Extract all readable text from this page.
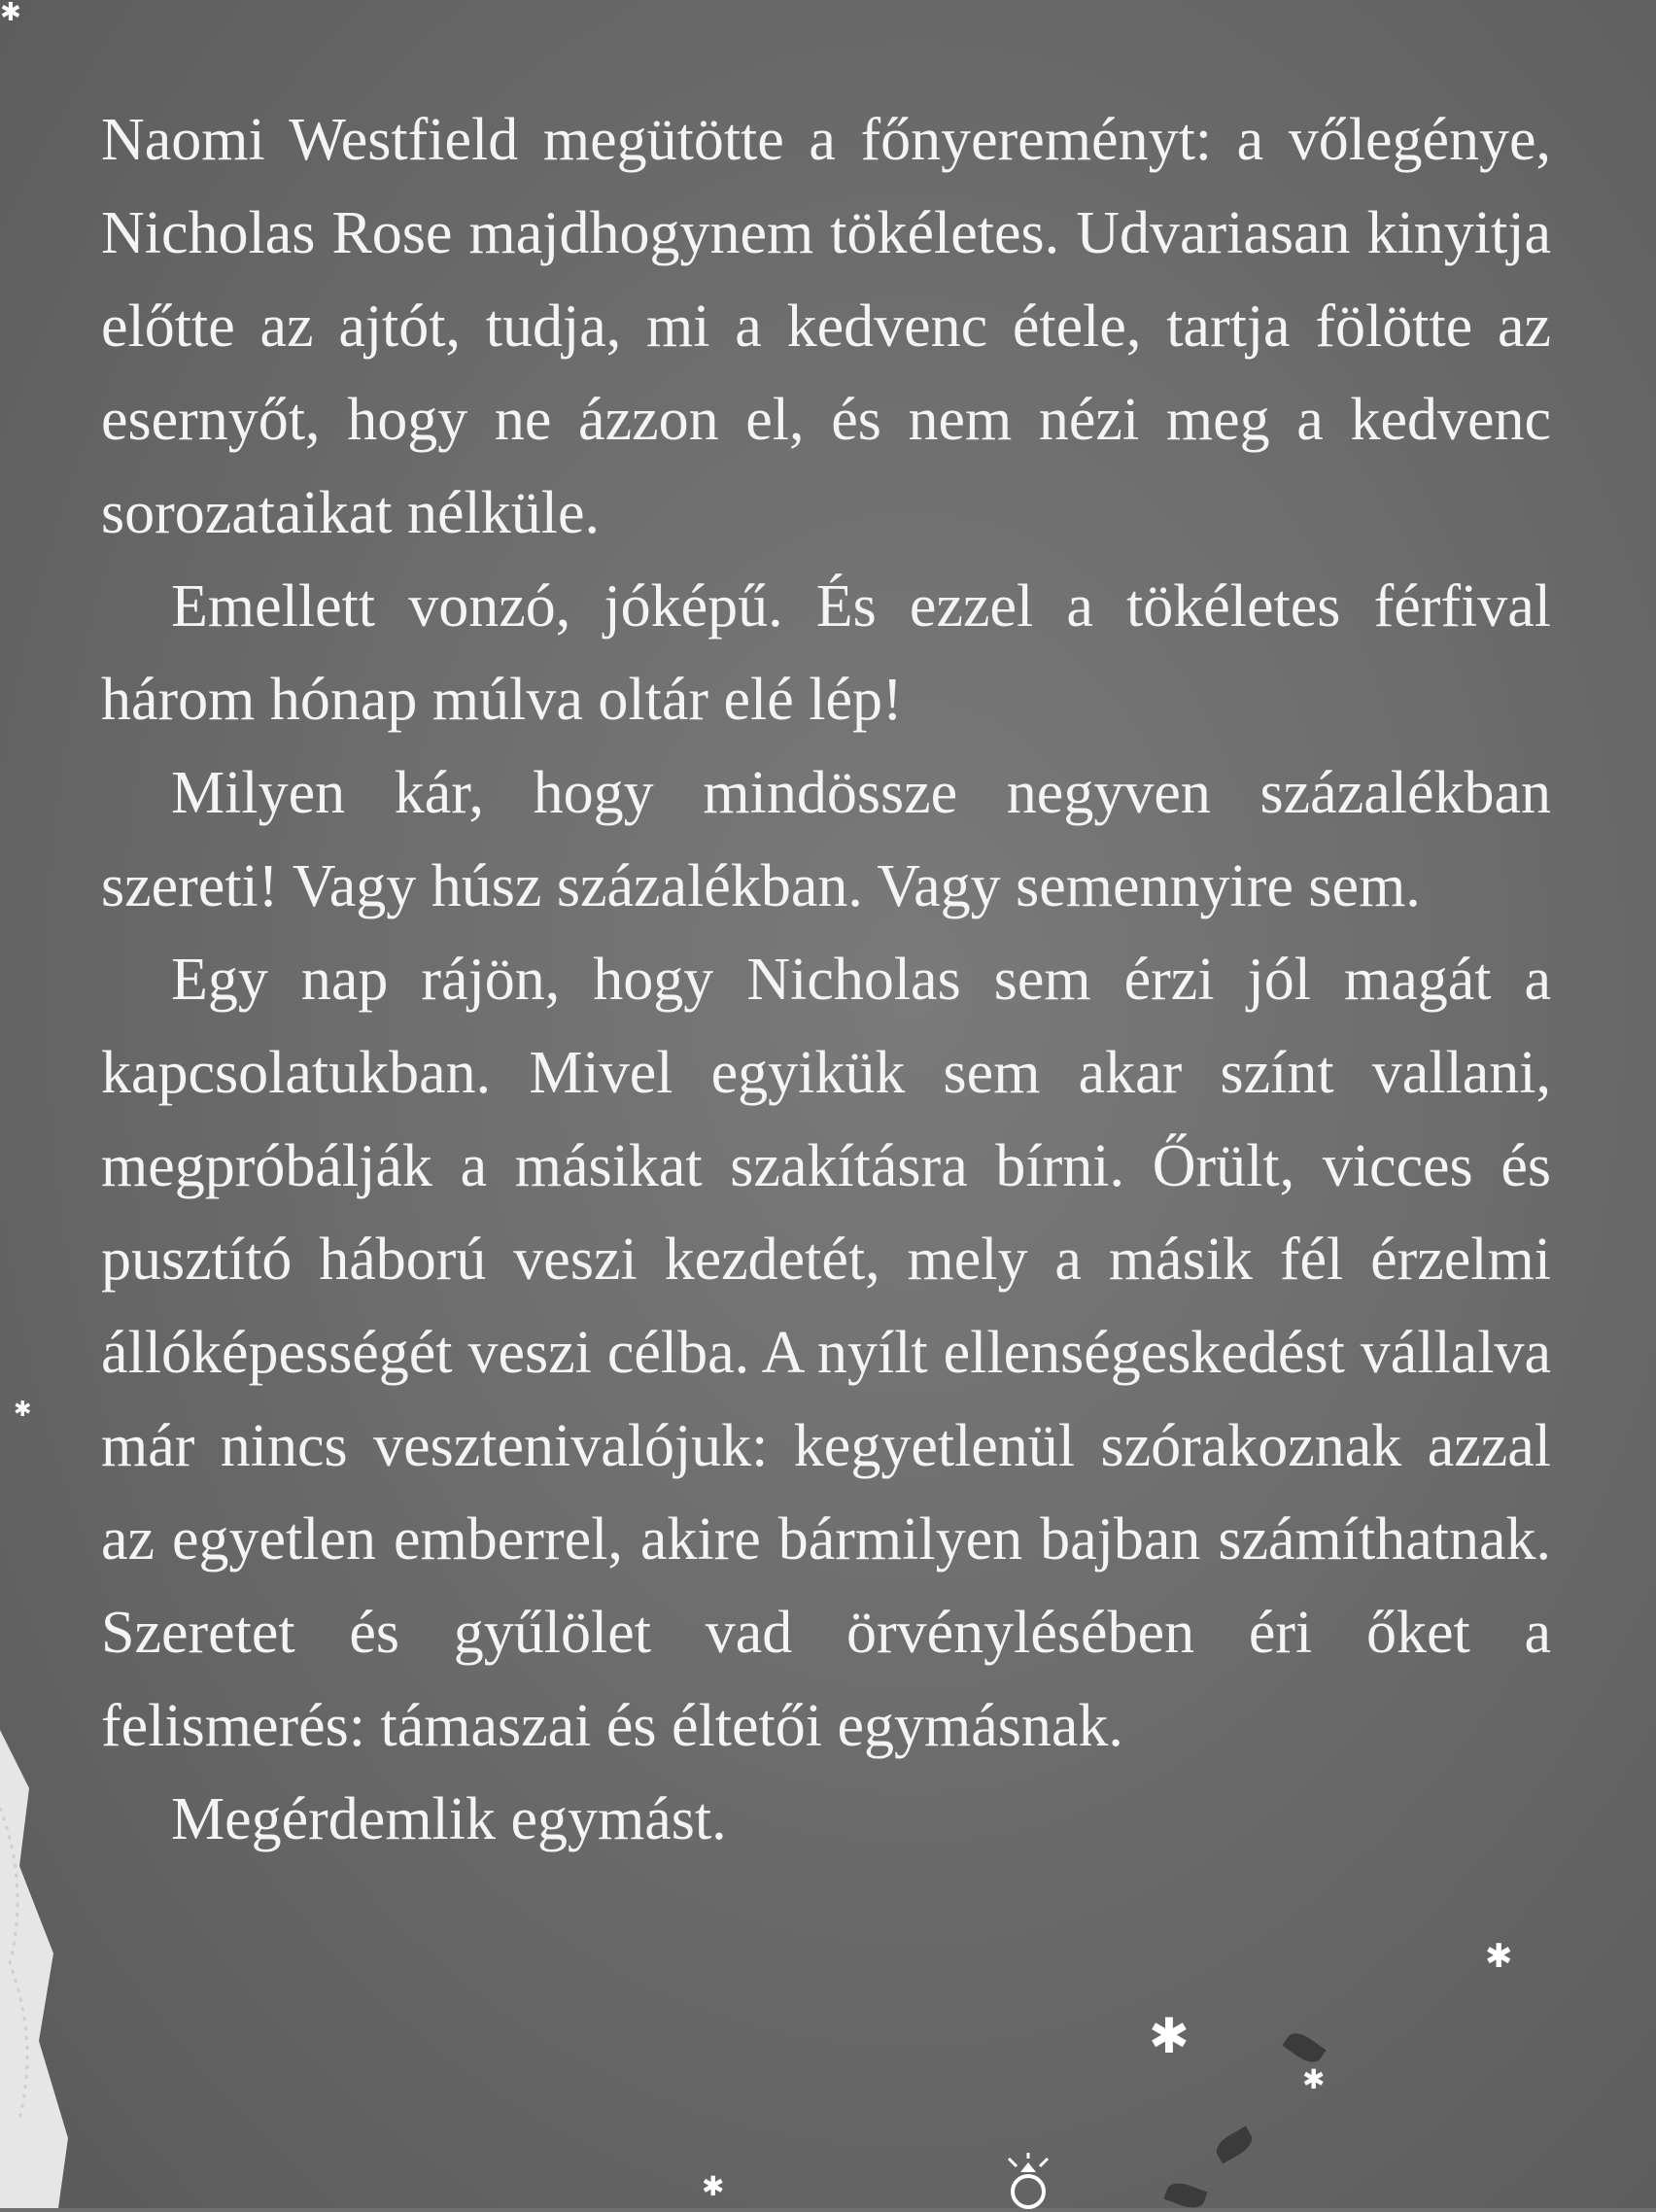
Naomi Westfield megütötte a főnyereményt: a vőlegénye, Nicholas Rose majdhogynem tökéletes. Udvariasan kinyitja előtte az ajtót, tudja, mi a kedvenc étele, tartja fölötte az esernyőt, hogy ne ázzon el, és nem nézi meg a kedvenc sorozataikat nélküle.

Emellett vonzó, jóképű. És ezzel a tökéletes férfival három hónap múlva oltár elé lép!

Milyen kár, hogy mindössze negyven százalékban szereti! Vagy húsz százalékban. Vagy semennyire sem.

Egy nap rájön, hogy Nicholas sem érzi jól magát a kapcsolatukban. Mivel egyikük sem akar színt vallani, megpróbálják a másikat szakításra bírni. Őrült, vicces és pusztító háború veszi kezdetét, mely a másik fél érzelmi állóképességét veszi célba. A nyílt ellenségeskedést vállalva már nincs vesztenivalójuk: kegyetlenül szórakoznak azzal az egyetlen emberrel, akire bármilyen bajban számíthatnak. Szeretet és gyűlölet vad örvénylésében éri őket a felismerés: támaszai és éltetői egymásnak.

Megérdemlik egymást.

✱
✱
✱
✱
✱
✱
